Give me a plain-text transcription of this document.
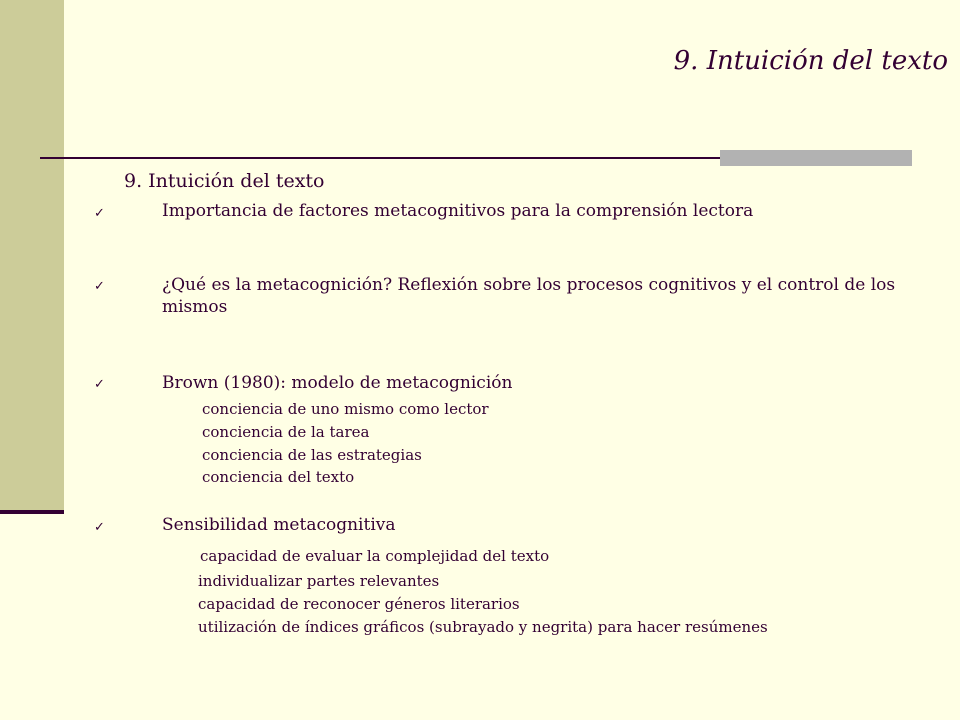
9. Intuición del texto
9. Intuición del texto
✓	Importancia de factores metacognitivos para la comprensión lectora
✓	¿Qué es la metacognición? Reflexión sobre los procesos cognitivos y el control de los mismos
✓	Brown (1980): modelo de metacognición
conciencia de uno mismo como lector
conciencia de la tarea
conciencia de las estrategias
conciencia del texto
✓	Sensibilidad metacognitiva
capacidad de evaluar la complejidad del texto
individualizar partes relevantes
capacidad de reconocer géneros literarios
utilización de índices gráficos (subrayado y negrita) para hacer resúmenes
